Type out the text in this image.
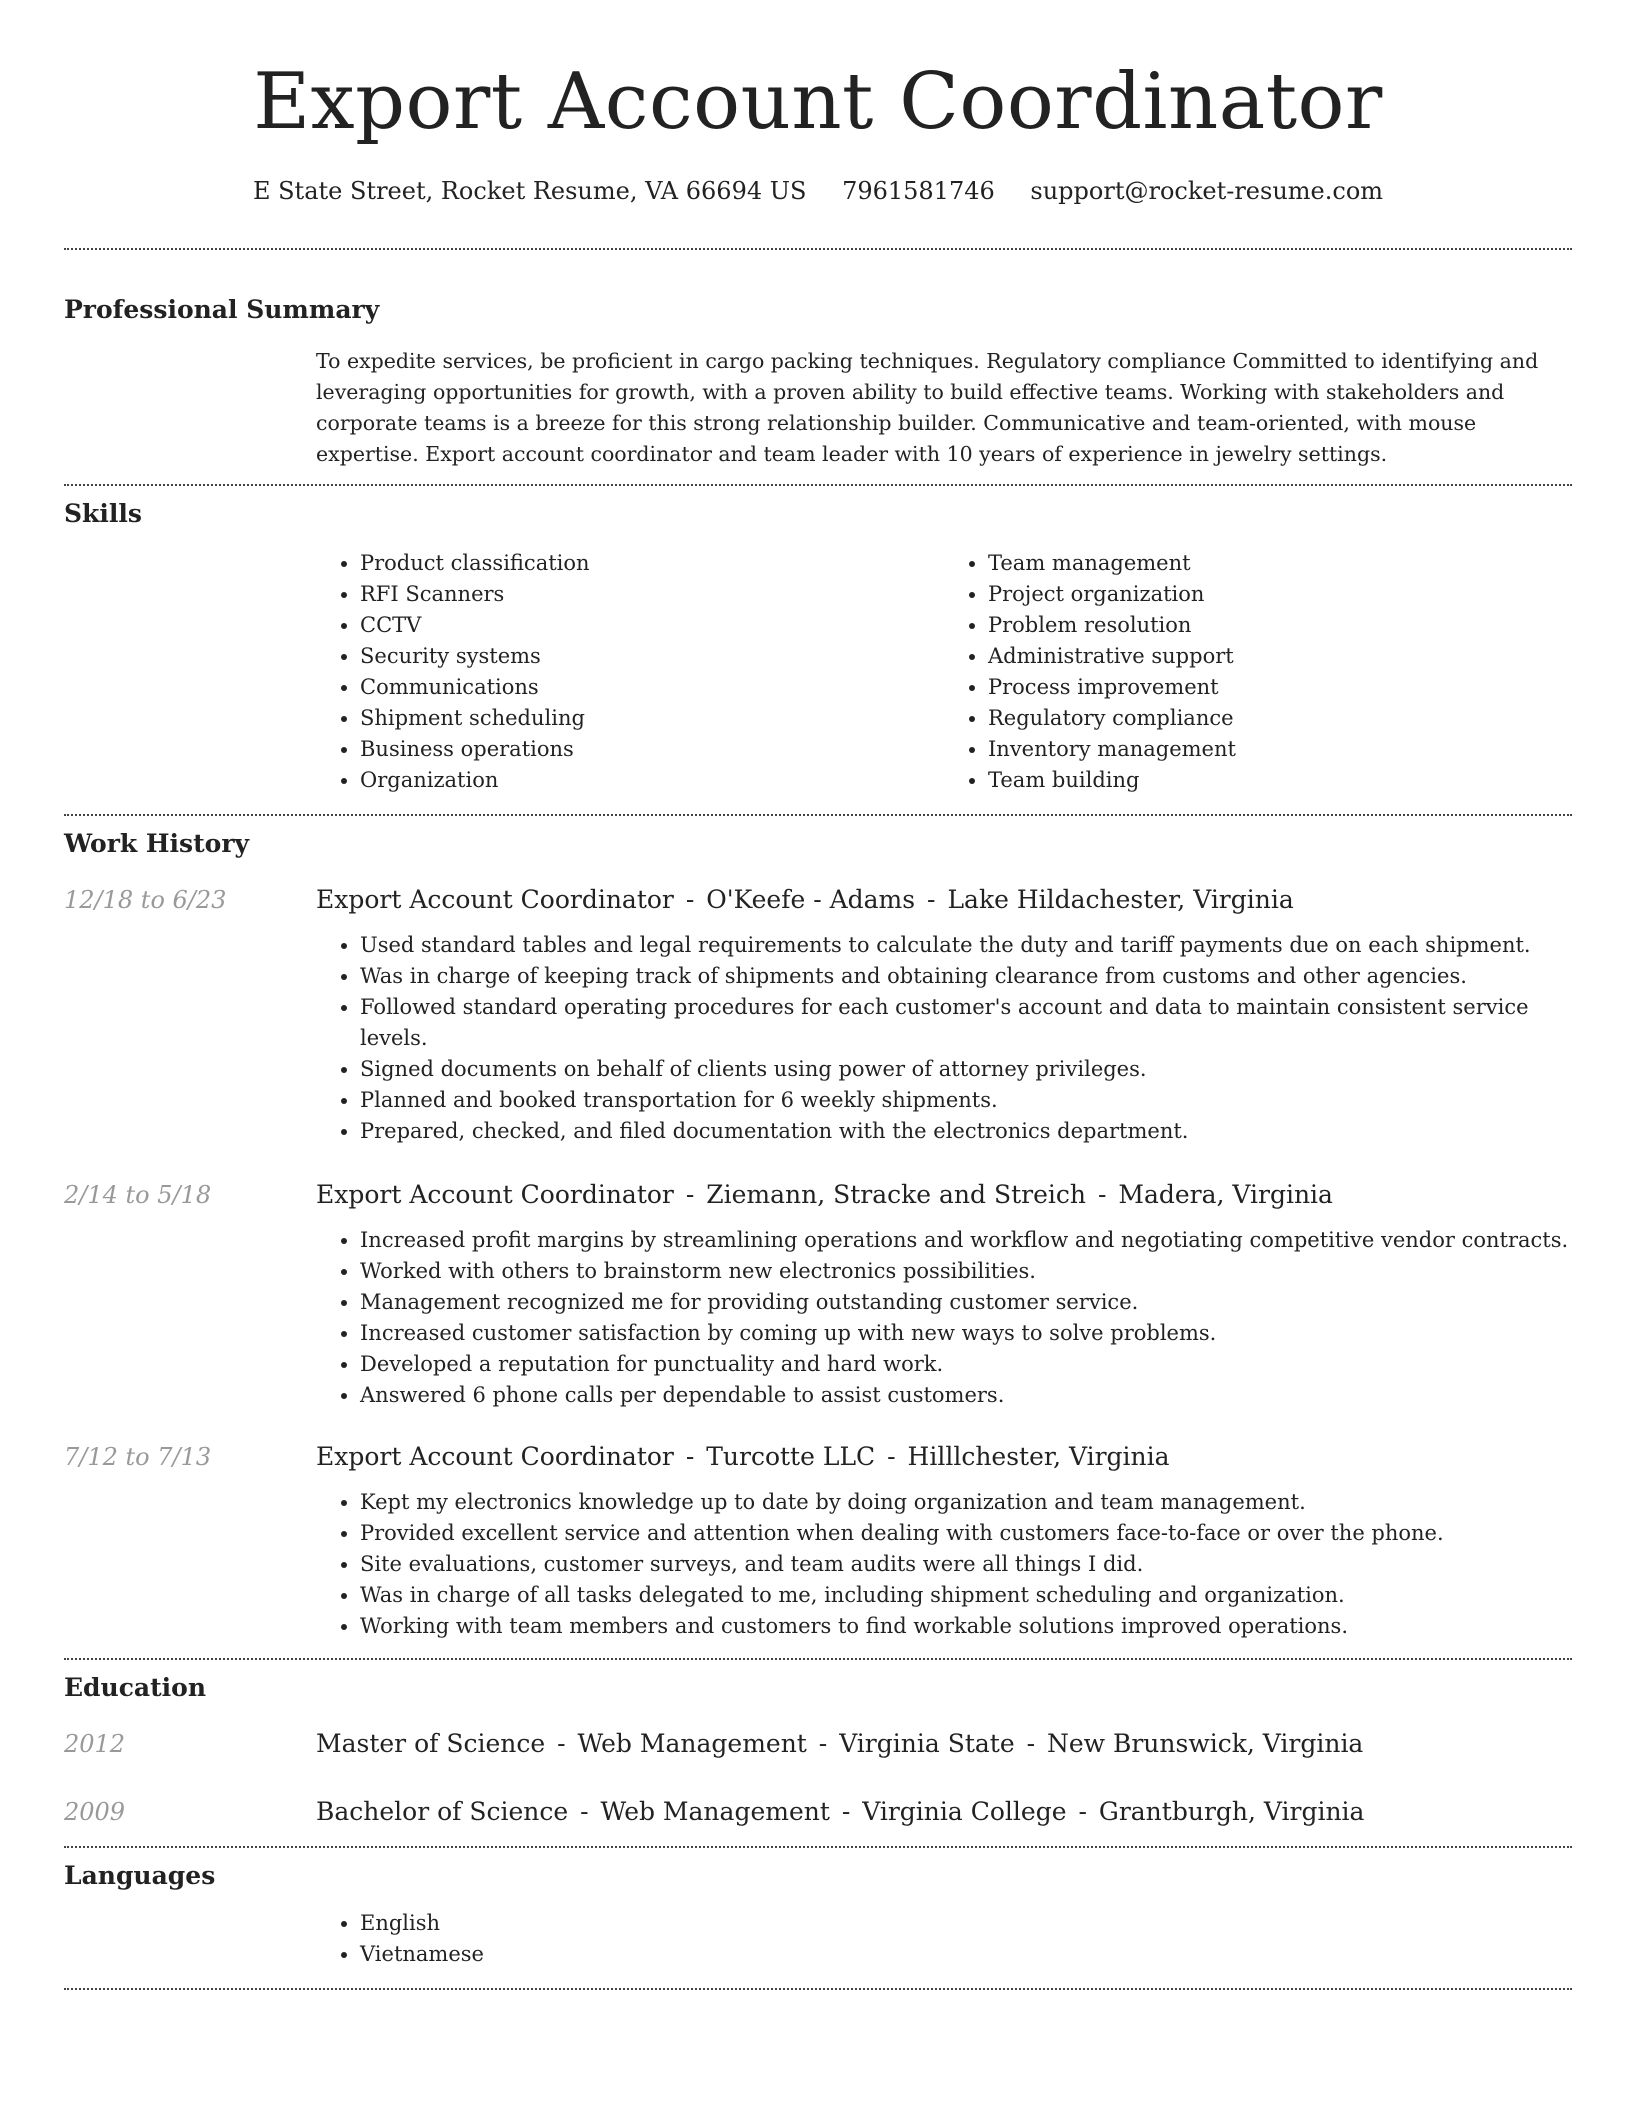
Export Account Coordinator
E State Street, Rocket Resume, VA 66694 US 7961581746 support@rocket-resume.com
Professional Summary

To expedite services, be proficient in cargo packing techniques. Regulatory compliance Committed to identifying and leveraging opportunities for growth, with a proven ability to build effective teams. Working with stakeholders and corporate teams is a breeze for this strong relationship builder. Communicative and team-oriented, with mouse expertise. Export account coordinator and team leader with 10 years of experience in jewelry settings.

Skills
• Product classification
• RFI Scanners
• CCTV
• Security systems
• Communications
• Shipment scheduling
• Business operations
• Organization
• Team management
• Project organization
• Problem resolution
• Administrative support
• Process improvement
• Regulatory compliance
• Inventory management
• Team building
Work History
12/18 to 6/23	Export Account Coordinator - O'Keefe - Adams - Lake Hildachester, Virginia
• Used standard tables and legal requirements to calculate the duty and tariff payments due on each shipment.
• Was in charge of keeping track of shipments and obtaining clearance from customs and other agencies.
• Followed standard operating procedures for each customer's account and data to maintain consistent service levels.
• Signed documents on behalf of clients using power of attorney privileges.
• Planned and booked transportation for 6 weekly shipments.
• Prepared, checked, and filed documentation with the electronics department.
2/14 to 5/18	Export Account Coordinator - Ziemann, Stracke and Streich - Madera, Virginia
• Increased profit margins by streamlining operations and workflow and negotiating competitive vendor contracts.
• Worked with others to brainstorm new electronics possibilities.
• Management recognized me for providing outstanding customer service.
• Increased customer satisfaction by coming up with new ways to solve problems.
• Developed a reputation for punctuality and hard work.
• Answered 6 phone calls per dependable to assist customers.
7/12 to 7/13	Export Account Coordinator - Turcotte LLC - Hilllchester, Virginia
• Kept my electronics knowledge up to date by doing organization and team management.
• Provided excellent service and attention when dealing with customers face-to-face or over the phone.
• Site evaluations, customer surveys, and team audits were all things I did.
• Was in charge of all tasks delegated to me, including shipment scheduling and organization.
• Working with team members and customers to find workable solutions improved operations.
Education
2012	Master of Science - Web Management - Virginia State - New Brunswick, Virginia
2009	Bachelor of Science - Web Management - Virginia College - Grantburgh, Virginia
Languages
• English
• Vietnamese
